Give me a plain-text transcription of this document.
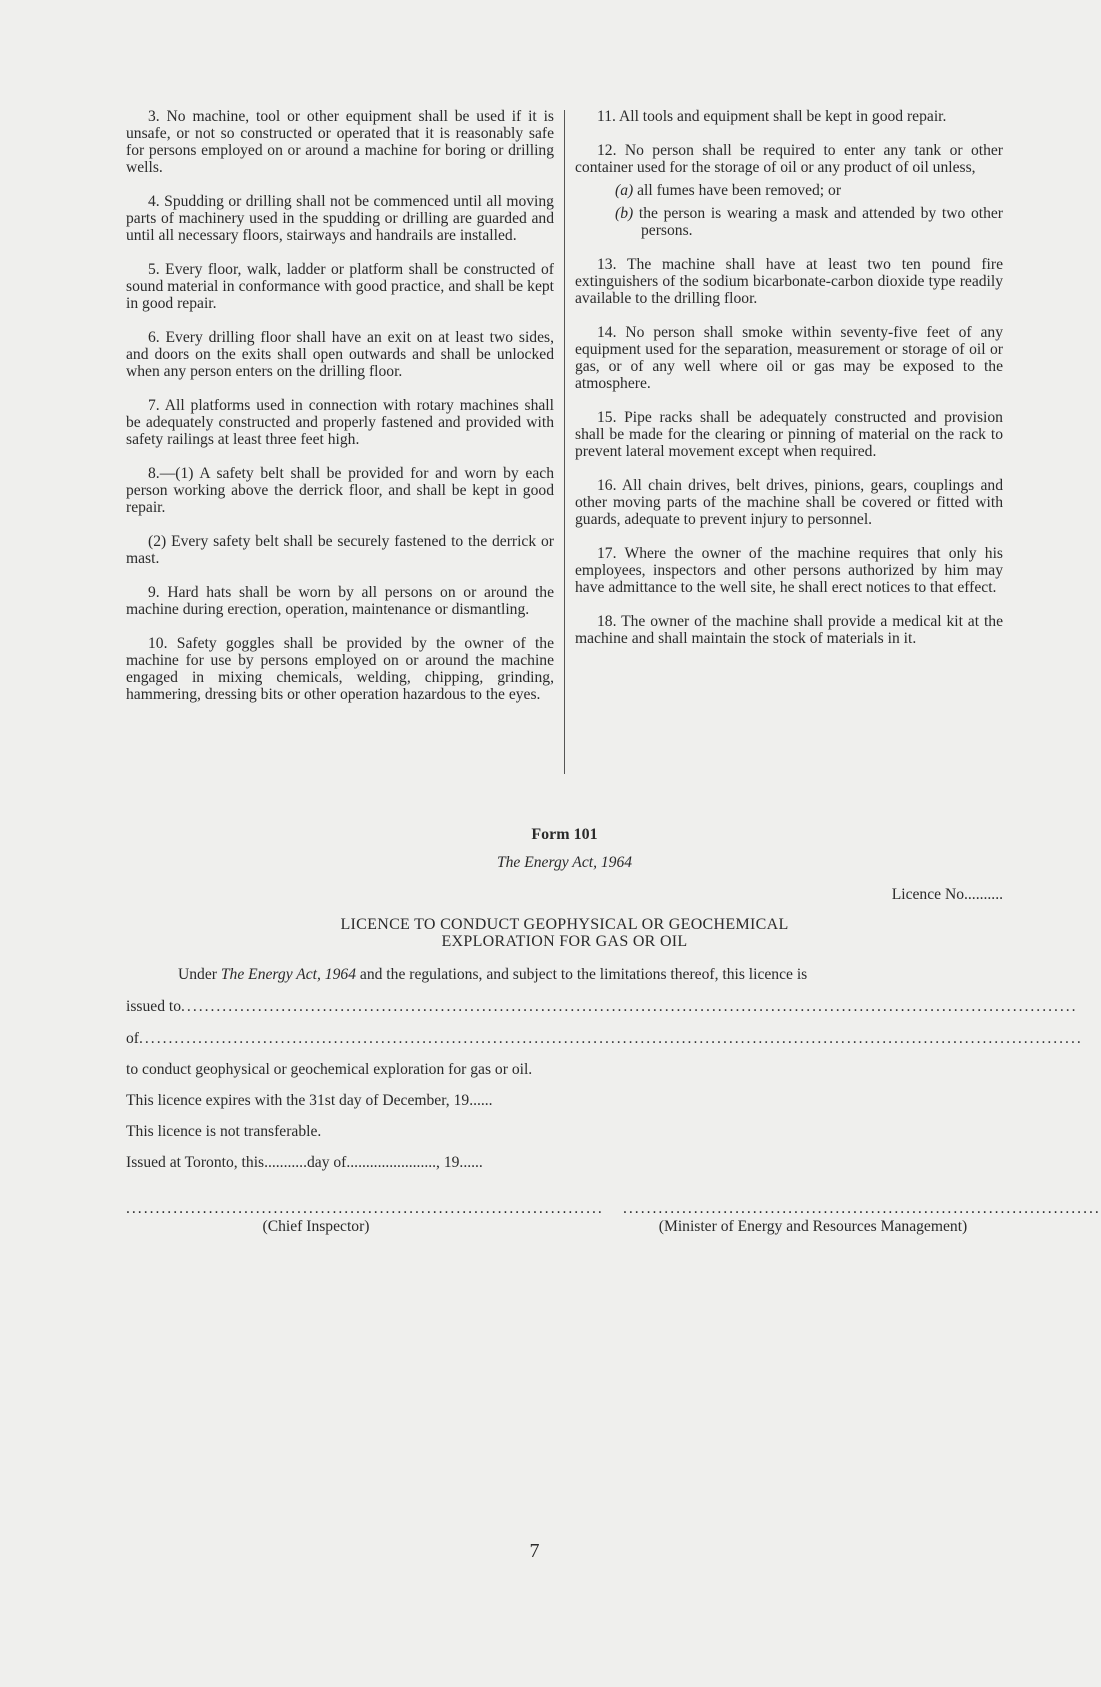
3. No machine, tool or other equipment shall be used if it is unsafe, or not so constructed or operated that it is reasonably safe for persons employed on or around a machine for boring or drilling wells.

4. Spudding or drilling shall not be commenced until all moving parts of machinery used in the spudding or drilling are guarded and until all necessary floors, stairways and handrails are installed.

5. Every floor, walk, ladder or platform shall be constructed of sound material in conformance with good practice, and shall be kept in good repair.

6. Every drilling floor shall have an exit on at least two sides, and doors on the exits shall open outwards and shall be unlocked when any person enters on the drilling floor.

7. All platforms used in connection with rotary machines shall be adequately constructed and properly fastened and provided with safety railings at least three feet high.

8.—(1) A safety belt shall be provided for and worn by each person working above the derrick floor, and shall be kept in good repair.

(2) Every safety belt shall be securely fastened to the derrick or mast.

9. Hard hats shall be worn by all persons on or around the machine during erection, operation, maintenance or dismantling.

10. Safety goggles shall be provided by the owner of the machine for use by persons employed on or around the machine engaged in mixing chemicals, welding, chipping, grinding, hammering, dressing bits or other operation hazardous to the eyes.

11. All tools and equipment shall be kept in good repair.

12. No person shall be required to enter any tank or other container used for the storage of oil or any product of oil unless,

(a) all fumes have been removed; or

(b) the person is wearing a mask and attended by two other persons.

13. The machine shall have at least two ten pound fire extinguishers of the sodium bicarbonate-carbon dioxide type readily available to the drilling floor.

14. No person shall smoke within seventy-five feet of any equipment used for the separation, measurement or storage of oil or gas, or of any well where oil or gas may be exposed to the atmosphere.

15. Pipe racks shall be adequately constructed and provision shall be made for the clearing or pinning of material on the rack to prevent lateral movement except when required.

16. All chain drives, belt drives, pinions, gears, couplings and other moving parts of the machine shall be covered or fitted with guards, adequate to prevent injury to personnel.

17. Where the owner of the machine requires that only his employees, inspectors and other persons authorized by him may have admittance to the well site, he shall erect notices to that effect.

18. The owner of the machine shall provide a medical kit at the machine and shall maintain the stock of materials in it.

Form 101

The Energy Act, 1964

Licence No..........

LICENCE TO CONDUCT GEOPHYSICAL OR GEOCHEMICAL
EXPLORATION FOR GAS OR OIL

Under The Energy Act, 1964 and the regulations, and subject to the limitations thereof, this licence is

issued to ........................................................................................................................................................
of ................................................................................................................................................................

to conduct geophysical or geochemical exploration for gas or oil.

This licence expires with the 31st day of December, 19......

This licence is not transferable.

Issued at Toronto, this...........day of......................., 19......

.................................................................................
(Chief Inspector)
.................................................................................
(Minister of Energy and Resources Management)
7
